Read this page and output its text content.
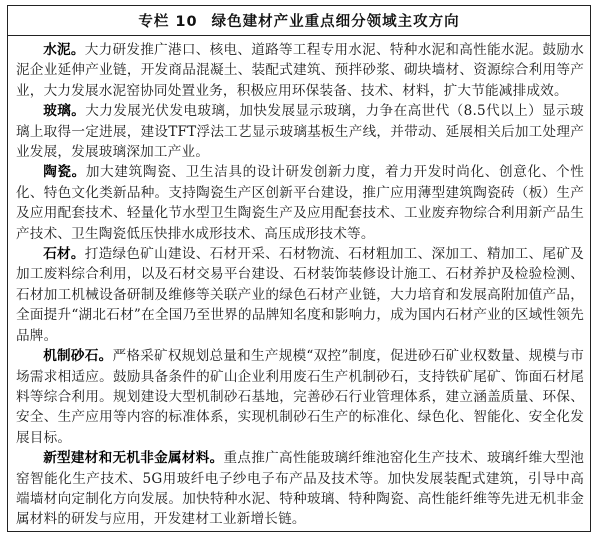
专栏 10 绿色建材产业重点细分领域主攻方向

水泥。大力研发推广港口、核电、道路等工程专用水泥、特种水泥和高性能水泥。鼓励水泥企业延伸产业链，开发商品混凝土、装配式建筑、预拌砂浆、砌块墙材、资源综合利用等产业，大力发展水泥窑协同处置业务，积极应用环保装备、技术、材料，扩大节能减排成效。

玻璃。大力发展光伏发电玻璃，加快发展显示玻璃，力争在高世代（8.5代以上）显示玻璃上取得一定进展，建设TFT浮法工艺显示玻璃基板生产线，并带动、延展相关后加工处理产业发展，发展玻璃深加工产业。

陶瓷。加大建筑陶瓷、卫生洁具的设计研发创新力度，着力开发时尚化、创意化、个性化、特色文化类新品种。支持陶瓷生产区创新平台建设，推广应用薄型建筑陶瓷砖（板）生产及应用配套技术、轻量化节水型卫生陶瓷生产及应用配套技术、工业废弃物综合利用新产品生产技术、卫生陶瓷低压快排水成形技术、高压成形技术等。

石材。打造绿色矿山建设、石材开采、石材物流、石材粗加工、深加工、精加工、尾矿及加工废料综合利用，以及石材交易平台建设、石材装饰装修设计施工、石材养护及检验检测、石材加工机械设备研制及维修等关联产业的绿色石材产业链，大力培育和发展高附加值产品，全面提升“湖北石材”在全国乃至世界的品牌知名度和影响力，成为国内石材产业的区域性领先品牌。

机制砂石。严格采矿权规划总量和生产规模“双控”制度，促进砂石矿业权数量、规模与市场需求相适应。鼓励具备条件的矿山企业利用废石生产机制砂石，支持铁矿尾矿、饰面石材尾料等综合利用。规划建设大型机制砂石基地，完善砂石行业管理体系，建立涵盖质量、环保、安全、生产应用等内容的标准体系，实现机制砂石生产的标准化、绿色化、智能化、安全化发展目标。

新型建材和无机非金属材料。重点推广高性能玻璃纤维池窑化生产技术、玻璃纤维大型池窑智能化生产技术、5G用玻纤电子纱电子布产品及技术等。加快发展装配式建筑，引导中高端墙材向定制化方向发展。加快特种水泥、特种玻璃、特种陶瓷、高性能纤维等先进无机非金属材料的研发与应用，开发建材工业新增长链。
